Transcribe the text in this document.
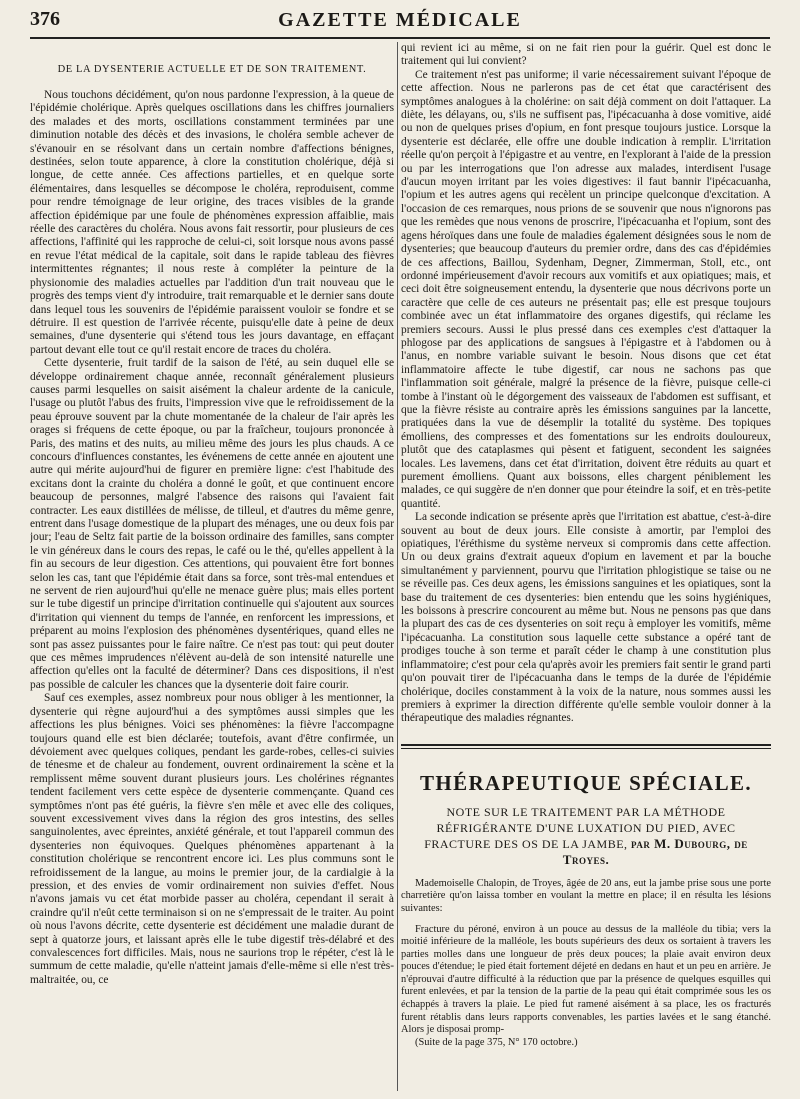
376	GAZETTE MÉDICALE
DE LA DYSENTERIE ACTUELLE ET DE SON TRAITEMENT.

Nous touchons décidément, qu'on nous pardonne l'expression, à la queue de l'épidémie cholérique. Après quelques oscillations dans les chiffres journaliers des malades et des morts, oscillations constamment terminées par une diminution notable des décès et des invasions, le choléra semble achever de s'évanouir en se résolvant dans un certain nombre d'affections bénignes, destinées, selon toute apparence, à clore la constitution cholérique, déjà si longue, de cette année. Ces affections partielles, et en quelque sorte élémentaires, dans lesquelles se décompose le choléra, reproduisent, comme pour rendre témoignage de leur origine, des traces visibles de la grande affection épidémique par une foule de phénomènes expression affaiblie, mais réelle des caractères du choléra. Nous avons fait ressortir, pour plusieurs de ces affections, l'affinité qui les rapproche de celui-ci, soit lorsque nous avons passé en revue l'état médical de la capitale, soit dans le rapide tableau des fièvres intermittentes régnantes; il nous reste à compléter la peinture de la physionomie des maladies actuelles par l'addition d'un trait nouveau que le progrès des temps vient d'y introduire, trait remarquable et le dernier sans doute dans lequel tous les souvenirs de l'épidémie paraissent vouloir se fondre et se détruire. Il est question de l'arrivée récente, puisqu'elle date à peine de deux semaines, d'une dysenterie qui s'étend tous les jours davantage, en effaçant partout devant elle tout ce qu'il restait encore de traces du choléra.

Cette dysenterie, fruit tardif de la saison de l'été, au sein duquel elle se développe ordinairement chaque année, reconnaît généralement plusieurs causes parmi lesquelles on saisit aisément la chaleur ardente de la canicule, l'usage ou plutôt l'abus des fruits, l'impression vive que le refroidissement de la peau éprouve souvent par la chute momentanée de la chaleur de l'air après les orages si fréquens de cette époque, ou par la fraîcheur, toujours prononcée à Paris, des matins et des nuits, au milieu même des jours les plus chauds. A ce concours d'influences constantes, les événemens de cette année en ajoutent une autre qui mérite aujourd'hui de figurer en première ligne: c'est l'habitude des excitans dont la crainte du choléra a donné le goût, et que continuent encore beaucoup de personnes, malgré l'absence des raisons qui l'avaient fait contracter. Les eaux distillées de mélisse, de tilleul, et d'autres du même genre, entrent dans l'usage domestique de la plupart des ménages, une ou deux fois par jour; l'eau de Seltz fait partie de la boisson ordinaire des familles, sans compter le vin généreux dans le cours des repas, le café ou le thé, qu'elles appellent à la fin au secours de leur digestion. Ces attentions, qui pouvaient être fort bonnes selon les cas, tant que l'épidémie était dans sa force, sont très-mal entendues et ne servent de rien aujourd'hui qu'elle ne menace guère plus; mais elles portent sur le tube digestif un principe d'irritation continuelle qui s'ajoutent aux sources d'irritation qui viennent du temps de l'année, en renforcent les impressions, et préparent au moins l'explosion des phénomènes dysentériques, quand elles ne sont pas assez puissantes pour le faire naître. Ce n'est pas tout: qui peut douter que ces mêmes imprudences n'élèvent au-delà de son intensité naturelle une affection qu'elles ont la faculté de déterminer? Dans ces dispositions, il n'est pas possible de calculer les chances que la dysenterie doit faire courir.

Sauf ces exemples, assez nombreux pour nous obliger à les mentionner, la dysenterie qui règne aujourd'hui a des symptômes aussi simples que les affections les plus bénignes. Voici ses phénomènes: la fièvre l'accompagne toujours quand elle est bien déclarée; toutefois, avant d'être confirmée, un dévoiement avec quelques coliques, pendant les garde-robes, celles-ci suivies de ténesme et de chaleur au fondement, ouvrent ordinairement la scène et la remplissent même souvent durant plusieurs jours. Les cholérines régnantes tendent facilement vers cette espèce de dysenterie commençante. Quand ces symptômes n'ont pas été guéris, la fièvre s'en mêle et avec elle des coliques, souvent excessivement vives dans la région des gros intestins, des selles sanguinolentes, avec épreintes, anxiété générale, et tout l'appareil commun des dysenteries non équivoques. Quelques phénomènes appartenant à la constitution cholérique se rencontrent encore ici. Les plus communs sont le refroidissement de la langue, au moins le premier jour, de la cardialgie à la pression, et des envies de vomir ordinairement non suivies d'effet. Nous n'avons jamais vu cet état morbide passer au choléra, cependant il serait à craindre qu'il n'eût cette terminaison si on ne s'empressait de le traiter. Au point où nous l'avons décrite, cette dysenterie est décidément une maladie durant de sept à quatorze jours, et laissant après elle le tube digestif très-délabré et des convalescences fort difficiles. Mais, nous ne saurions trop le répéter, c'est là le summum de cette maladie, qu'elle n'atteint jamais d'elle-même si elle n'est très-maltraitée, ou, ce

qui revient ici au même, si on ne fait rien pour la guérir. Quel est donc le traitement qui lui convient?

Ce traitement n'est pas uniforme; il varie nécessairement suivant l'époque de cette affection. Nous ne parlerons pas de cet état que caractérisent des symptômes analogues à la cholérine: on sait déjà comment on doit l'attaquer. La diète, les délayans, ou, s'ils ne suffisent pas, l'ipécacuanha à dose vomitive, aidé ou non de quelques prises d'opium, en font presque toujours justice. Lorsque la dysenterie est déclarée, elle offre une double indication à remplir. L'irritation réelle qu'on perçoit à l'épigastre et au ventre, en l'explorant à l'aide de la pression ou par les interrogations que l'on adresse aux malades, interdisent l'usage d'aucun moyen irritant par les voies digestives: il faut bannir l'ipécacuanha, l'opium et les autres agens qui recèlent un principe quelconque d'excitation. A l'occasion de ces remarques, nous prions de se souvenir que nous n'ignorons pas que les remèdes que nous venons de proscrire, l'ipécacuanha et l'opium, sont des agens héroïques dans une foule de maladies également désignées sous le nom de dysenteries; que beaucoup d'auteurs du premier ordre, dans des cas d'épidémies de ces affections, Baillou, Sydenham, Degner, Zimmerman, Stoll, etc., ont ordonné impérieusement d'avoir recours aux vomitifs et aux opiatiques; mais, et ceci doit être soigneusement entendu, la dysenterie que nous décrivons porte un caractère que celle de ces auteurs ne présentait pas; elle est presque toujours combinée avec un état inflammatoire des organes digestifs, qui réclame les premiers secours. Aussi le plus pressé dans ces exemples c'est d'attaquer la phlogose par des applications de sangsues à l'épigastre et à l'abdomen ou à l'anus, en nombre variable suivant le besoin. Nous disons que cet état inflammatoire affecte le tube digestif, car nous ne sachons pas que l'inflammation soit générale, malgré la présence de la fièvre, puisque celle-ci tombe à l'instant où le dégorgement des vaisseaux de l'abdomen est suffisant, et que la fièvre résiste au contraire après les émissions sanguines par la lancette, pratiquées dans la vue de désemplir la totalité du système. Des topiques émolliens, des compresses et des fomentations sur les endroits douloureux, plutôt que des cataplasmes qui pèsent et fatiguent, secondent les saignées locales. Les lavemens, dans cet état d'irritation, doivent être réduits au quart et purement émolliens. Quant aux boissons, elles chargent péniblement les malades, ce qui suggère de n'en donner que pour éteindre la soif, et en très-petite quantité.

La seconde indication se présente après que l'irritation est abattue, c'est-à-dire souvent au bout de deux jours. Elle consiste à amortir, par l'emploi des opiatiques, l'éréthisme du système nerveux si compromis dans cette affection. Un ou deux grains d'extrait aqueux d'opium en lavement et par la bouche simultanément y parviennent, pourvu que l'irritation phlogistique se taise ou ne se réveille pas. Ces deux agens, les émissions sanguines et les opiatiques, sont la base du traitement de ces dysenteries: bien entendu que les soins hygiéniques, les boissons à prescrire concourent au même but. Nous ne pensons pas que dans la plupart des cas de ces dysenteries on soit reçu à employer les vomitifs, même l'ipécacuanha. La constitution sous laquelle cette substance a opéré tant de prodiges touche à son terme et paraît céder le champ à une constitution plus inflammatoire; c'est pour cela qu'après avoir les premiers fait sentir le grand parti qu'on pouvait tirer de l'ipécacuanha dans le temps de la durée de l'épidémie cholérique, dociles constamment à la voix de la nature, nous sommes aussi les premiers à exprimer la direction différente qu'elle semble vouloir donner à la thérapeutique des maladies régnantes.

THÉRAPEUTIQUE SPÉCIALE.
NOTE SUR LE TRAITEMENT PAR LA MÉTHODE RÉFRIGÉRANTE D'UNE LUXATION DU PIED, AVEC FRACTURE DES OS DE LA JAMBE, par M. Dubourg, de Troyes.

Mademoiselle Chalopin, de Troyes, âgée de 20 ans, eut la jambe prise sous une porte charretière qu'on laissa tomber en voulant la mettre en place; il en résulta les lésions suivantes:

Fracture du péroné, environ à un pouce au dessus de la malléole du tibia; vers la moitié inférieure de la malléole, les bouts supérieurs des deux os sortaient à travers les parties molles dans une longueur de près deux pouces; la plaie avait environ deux pouces d'étendue; le pied était fortement déjeté en dedans en haut et un peu en arrière. Je n'éprouvai d'autre difficulté à la réduction que par la présence de quelques esquilles qui furent enlevées, et par la tension de la partie de la peau qui était comprimée sous les os échappés à travers la plaie. Le pied fut ramené aisément à sa place, les os fracturés furent rétablis dans leurs rapports convenables, les parties lavées et le sang étanché. Alors je disposai promp-

(Suite de la page 375, N° 170 octobre.)
